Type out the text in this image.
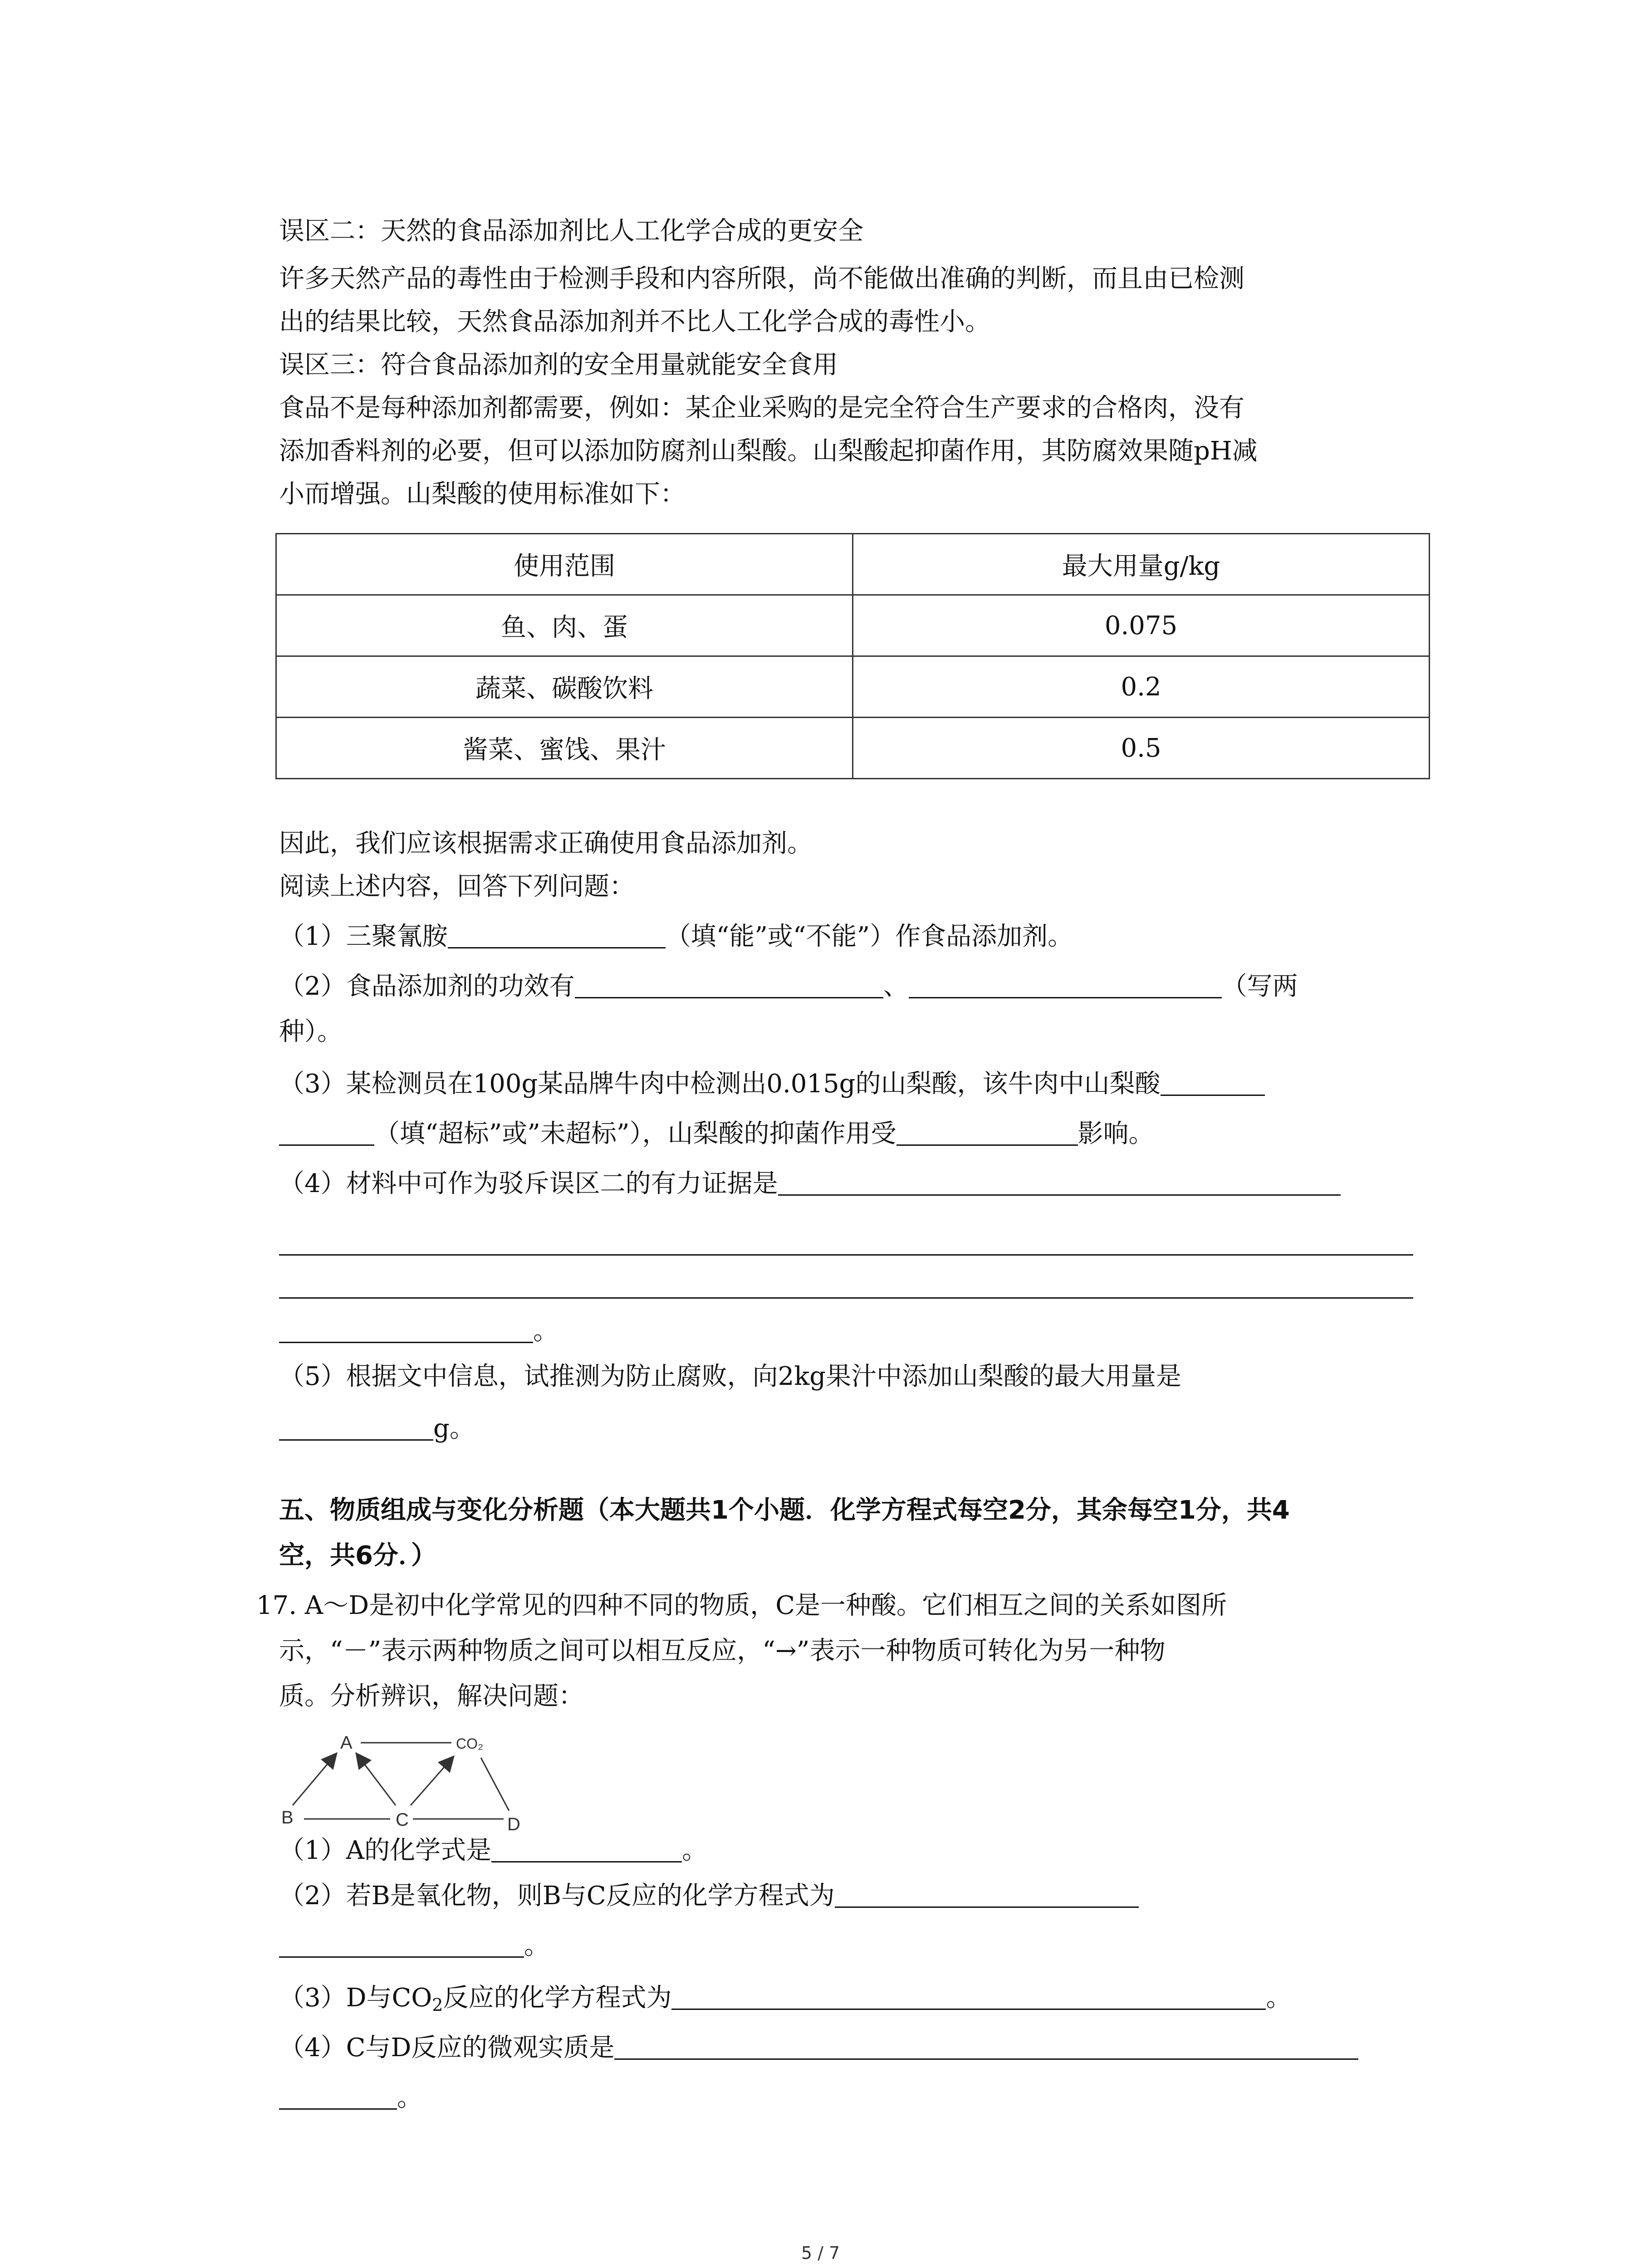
误区二：天然的食品添加剂比人工化学合成的更安全
许多天然产品的毒性由于检测手段和内容所限，尚不能做出准确的判断，而且由已检测
出的结果比较，天然食品添加剂并不比人工化学合成的毒性小。
误区三：符合食品添加剂的安全用量就能安全食用
食品不是每种添加剂都需要，例如：某企业采购的是完全符合生产要求的合格肉，没有
添加香料剂的必要，但可以添加防腐剂山梨酸。山梨酸起抑菌作用，其防腐效果随pH减
小而增强。山梨酸的使用标准如下：
使用范围	最大用量g/kg
鱼、肉、蛋	0.075
蔬菜、碳酸饮料	0.2
酱菜、蜜饯、果汁	0.5
因此，我们应该根据需求正确使用食品添加剂。
阅读上述内容，回答下列问题：
（1）三聚氰胺	（填“能”或“不能”）作食品添加剂。
（2）食品添加剂的功效有	、	（写两
种）。
（3）某检测员在100g某品牌牛肉中检测出0.015g的山梨酸，该牛肉中山梨酸
（填“超标”或”未超标”），山梨酸的抑菌作用受	影响。
（4）材料中可作为驳斥误区二的有力证据是
。
（5）根据文中信息，试推测为防止腐败，向2kg果汁中添加山梨酸的最大用量是
g。
五、物质组成与变化分析题（本大题共1个小题．化学方程式每空2分，其余每空1分，共4
空，共6分．）
17. A～D是初中化学常见的四种不同的物质，C是一种酸。它们相互之间的关系如图所
示，“－”表示两种物质之间可以相互反应，“→”表示一种物质可转化为另一种物
质。分析辨识，解决问题：
A	CO₂
B	C	D
（1）A的化学式是	。
（2）若B是氧化物，则B与C反应的化学方程式为
。
（3）D与$CO_2$反应的化学方程式为	。
（4）C与D反应的微观实质是
。
5 / 7
